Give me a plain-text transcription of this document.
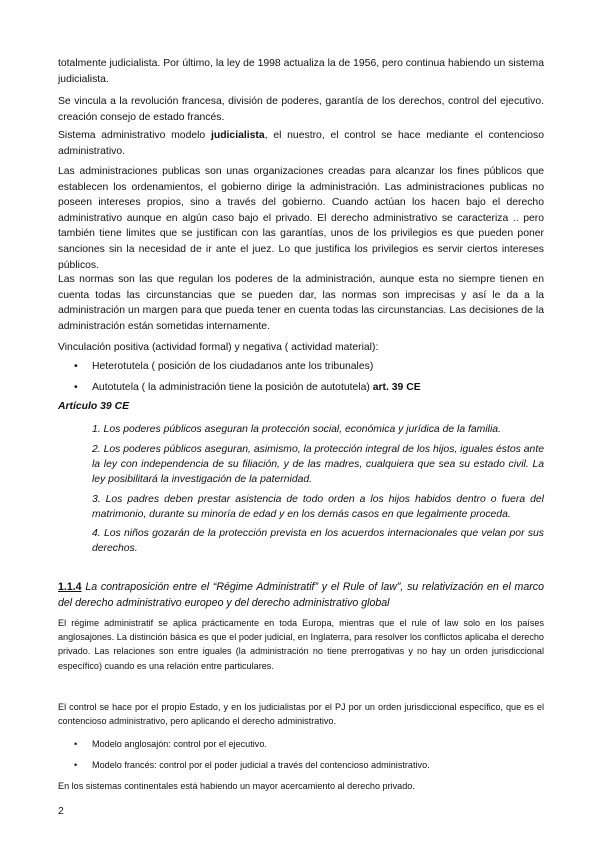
totalmente judicialista. Por último, la ley de 1998 actualiza la de 1956, pero continua habiendo un sistema judicialista.

Se vincula a la revolución francesa, división de poderes, garantía de los derechos, control del ejecutivo. creación consejo de estado francés.

Sistema administrativo modelo judicialista, el nuestro, el control se hace mediante el contencioso administrativo.

Las administraciones publicas son unas organizaciones creadas para alcanzar los fines públicos que establecen los ordenamientos, el gobierno dirige la administración. Las administraciones publicas no poseen intereses propios, sino a través del gobierno. Cuando actúan los hacen bajo el derecho administrativo aunque en algún caso bajo el privado. El derecho administrativo se caracteriza .. pero también tiene limites que se justifican con las garantías, unos de los privilegios es que pueden poner sanciones sin la necesidad de ir ante el juez. Lo que justifica los privilegios es servir ciertos intereses públicos.

Las normas son las que regulan los poderes de la administración, aunque esta no siempre tienen en cuenta todas las circunstancias que se pueden dar, las normas son imprecisas y así le da a la administración un margen para que pueda tener en cuenta todas las circunstancias. Las decisiones de la administración están sometidas internamente.

Vinculación positiva (actividad formal) y negativa ( actividad material):

• Heterotutela ( posición de los ciudadanos ante los tribunales)

• Autotutela ( la administración tiene la posición de autotutela) art. 39 CE

Artículo 39 CE

1. Los poderes públicos aseguran la protección social, económica y jurídica de la familia.

2. Los poderes públicos aseguran, asimismo, la protección integral de los hijos, iguales éstos ante la ley con independencia de su filiación, y de las madres, cualquiera que sea su estado civil. La ley posibilitará la investigación de la paternidad.

3. Los padres deben prestar asistencia de todo orden a los hijos habidos dentro o fuera del matrimonio, durante su minoría de edad y en los demás casos en que legalmente proceda.

4. Los niños gozarán de la protección prevista en los acuerdos internacionales que velan por sus derechos.

1.1.4 La contraposición entre el “Régime Administratif” y el Rule of law”, su relativización en el marco del derecho administrativo europeo y del derecho administrativo global

El régime administratif se aplica prácticamente en toda Europa, mientras que el rule of law solo en los países anglosajones. La distinción básica es que el poder judicial, en Inglaterra, para resolver los conflictos aplicaba el derecho privado. Las relaciones son entre iguales (la administración no tiene prerrogativas y no hay un orden jurisdiccional específico) cuando es una relación entre particulares.

El control se hace por el propio Estado, y en los judicialistas por el PJ por un orden jurisdiccional específico, que es el contencioso administrativo, pero aplicando el derecho administrativo.

• Modelo anglosajón: control por el ejecutivo.

• Modelo francés: control por el poder judicial a través del contencioso administrativo.

En los sistemas continentales está habiendo un mayor acercamiento al derecho privado.

2
